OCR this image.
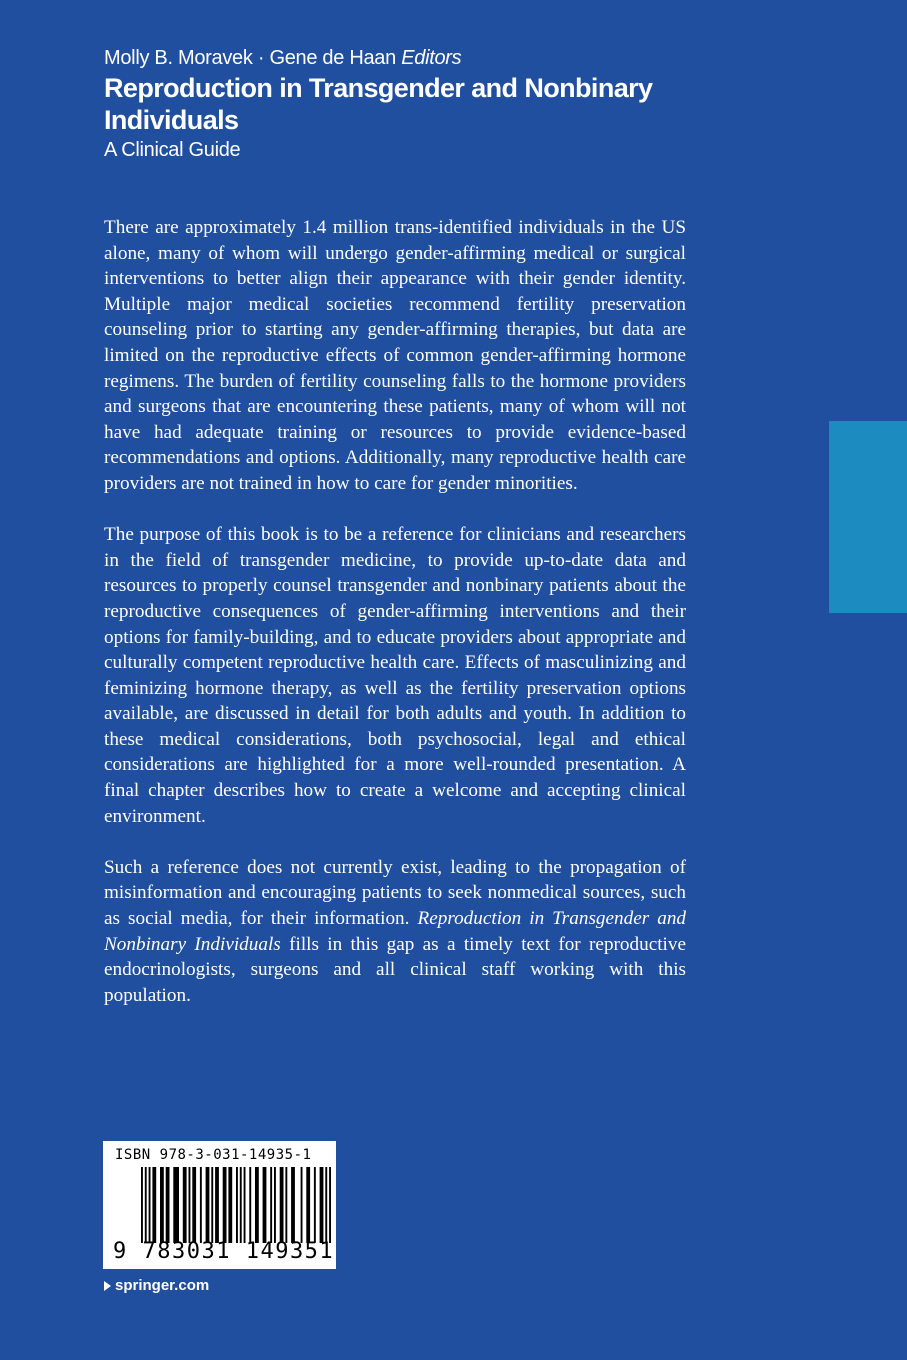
Molly B. Moravek · Gene de Haan Editors
Reproduction in Transgender and Nonbinary Individuals
A Clinical Guide

There are approximately 1.4 million trans-identified individuals in the US alone, many of whom will undergo gender-affirming medical or surgical interventions to better align their appearance with their gender identity. Multiple major medical societies recommend fertility preservation counseling prior to starting any gender-affirming therapies, but data are limited on the reproductive effects of common gender-affirming hormone regimens. The burden of fertility counseling falls to the hormone providers and surgeons that are encountering these patients, many of whom will not have had adequate training or resources to provide evidence-based recommendations and options. Additionally, many reproductive health care providers are not trained in how to care for gender minorities.

The purpose of this book is to be a reference for clinicians and researchers in the field of transgender medicine, to provide up-to-date data and resources to properly counsel transgender and nonbinary patients about the reproductive consequences of gender-affirming interventions and their options for family-building, and to educate providers about appropriate and culturally competent reproductive health care. Effects of masculinizing and feminizing hormone therapy, as well as the fertility preservation options available, are discussed in detail for both adults and youth. In addition to these medical considerations, both psychosocial, legal and ethical considerations are highlighted for a more well-rounded presentation. A final chapter describes how to create a welcome and accepting clinical environment.

Such a reference does not currently exist, leading to the propagation of misinformation and encouraging patients to seek nonmedical sources, such as social media, for their information. Reproduction in Transgender and Nonbinary Individuals fills in this gap as a timely text for reproductive endocrinologists, surgeons and all clinical staff working with this population.

ISBN 978-3-031-14935-1
9 783031 149351
springer.com
